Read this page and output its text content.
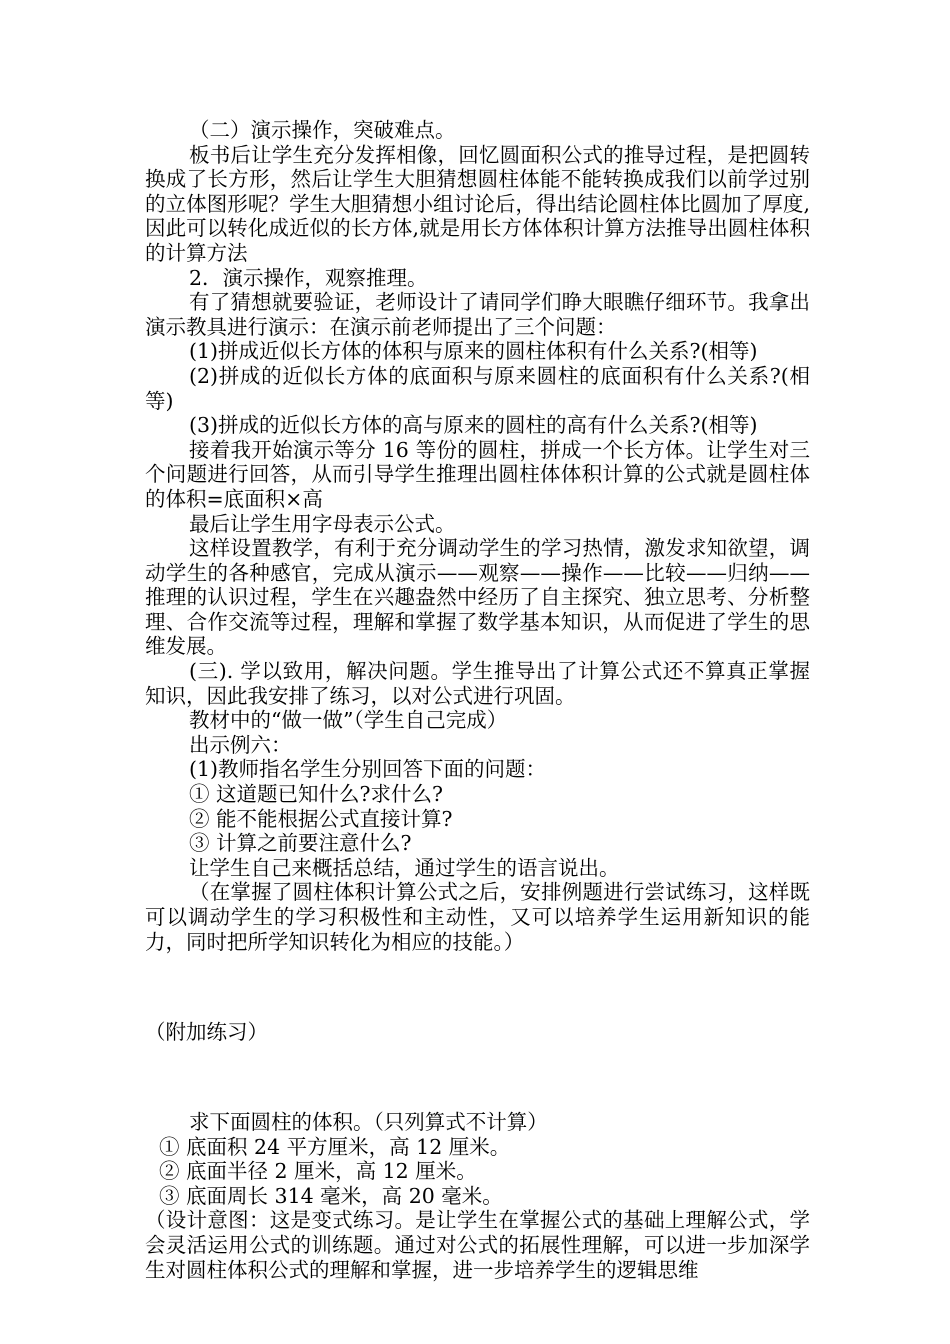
（二）演示操作，突破难点。

板书后让学生充分发挥相像，回忆圆面积公式的推导过程，是把圆转换成了长方形，然后让学生大胆猜想圆柱体能不能转换成我们以前学过别的立体图形呢？学生大胆猜想小组讨论后，得出结论圆柱体比圆加了厚度,因此可以转化成近似的长方体,就是用长方体体积计算方法推导出圆柱体积的计算方法

2．演示操作，观察推理。

有了猜想就要验证，老师设计了请同学们睁大眼瞧仔细环节。我拿出演示教具进行演示：在演示前老师提出了三个问题：

(1)拼成近似长方体的体积与原来的圆柱体积有什么关系?(相等)

(2)拼成的近似长方体的底面积与原来圆柱的底面积有什么关系?(相等)

(3)拼成的近似长方体的高与原来的圆柱的高有什么关系?(相等)

接着我开始演示等分 16 等份的圆柱，拼成一个长方体。让学生对三个问题进行回答，从而引导学生推理出圆柱体体积计算的公式就是圆柱体的体积=底面积×高

最后让学生用字母表示公式。

这样设置教学，有利于充分调动学生的学习热情，激发求知欲望，调动学生的各种感官，完成从演示——观察——操作——比较——归纳——推理的认识过程，学生在兴趣盎然中经历了自主探究、独立思考、分析整理、合作交流等过程，理解和掌握了数学基本知识，从而促进了学生的思维发展。

(三). 学以致用，解决问题。学生推导出了计算公式还不算真正掌握知识，因此我安排了练习，以对公式进行巩固。

教材中的“做一做”（学生自己完成）

出示例六：

(1)教师指名学生分别回答下面的问题：

① 这道题已知什么?求什么?

② 能不能根据公式直接计算?

③ 计算之前要注意什么?

让学生自己来概括总结，通过学生的语言说出。

（在掌握了圆柱体积计算公式之后，安排例题进行尝试练习，这样既可以调动学生的学习积极性和主动性，又可以培养学生运用新知识的能力，同时把所学知识转化为相应的技能。）

（附加练习）

求下面圆柱的体积。（只列算式不计算）

① 底面积 24 平方厘米，高 12 厘米。

② 底面半径 2 厘米，高 12 厘米。

③ 底面周长 314 毫米，高 20 毫米。

（设计意图：这是变式练习。是让学生在掌握公式的基础上理解公式，学会灵活运用公式的训练题。通过对公式的拓展性理解，可以进一步加深学生对圆柱体积公式的理解和掌握，进一步培养学生的逻辑思维
